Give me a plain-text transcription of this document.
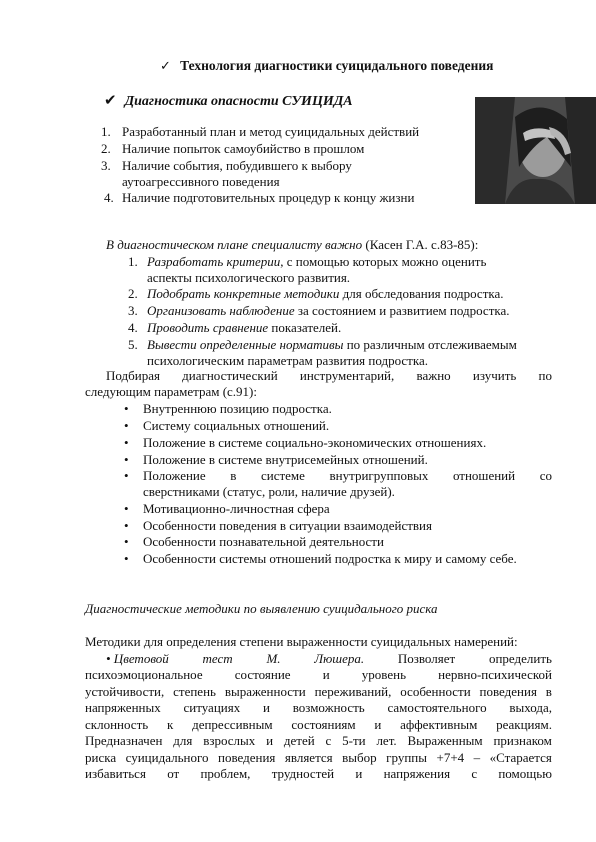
✓ Технология диагностики суицидального поведения
✔ Диагностика опасности СУИЦИДА
1. Разработанный план и метод суицидальных действий
2. Наличие попыток самоубийство в прошлом
3. Наличие события, побудившего к выбору
аутоагрессивного поведения
4. Наличие подготовительных процедур к концу жизни
В диагностическом плане специалисту важно (Касен Г.А. с.83-85):
1. Разработать критерии, с помощью которых можно оценить
аспекты психологического развития.
2. Подобрать конкретные методики для обследования подростка.
3. Организовать наблюдение за состоянием и развитием подростка.
4. Проводить сравнение показателей.
5. Вывести определенные нормативы по различным отслеживаемым
психологическим параметрам развития подростка.
Подбирая диагностический инструментарий, важно изучить по
следующим параметрам (с.91):
• Внутреннюю позицию подростка.
• Систему социальных отношений.
• Положение в системе социально-экономических отношениях.
• Положение в системе внутрисемейных отношений.
• Положение в системе внутригрупповых отношений со
сверстниками (статус, роли, наличие друзей).
• Мотивационно-личностная сфера
• Особенности поведения в ситуации взаимодействия
• Особенности познавательной деятельности
• Особенности системы отношений подростка к миру и самому себе.
Диагностические методики по выявлению суицидального риска
Методики для определения степени выраженности суицидальных намерений:
• Цветовой	тест	М.	Люшера.	Позволяет	определить
психоэмоциональное состояние и уровень нервно-психической
устойчивости, степень выраженности переживаний, особенности поведения в
напряженных ситуациях и возможность самостоятельного выхода,
склонность к депрессивным состояниям и аффективным реакциям.
Предназначен для взрослых и детей с 5-ти лет. Выраженным признаком
риска суицидального поведения является выбор группы +7+4 – «Старается
избавиться от проблем, трудностей и напряжения с помощью
